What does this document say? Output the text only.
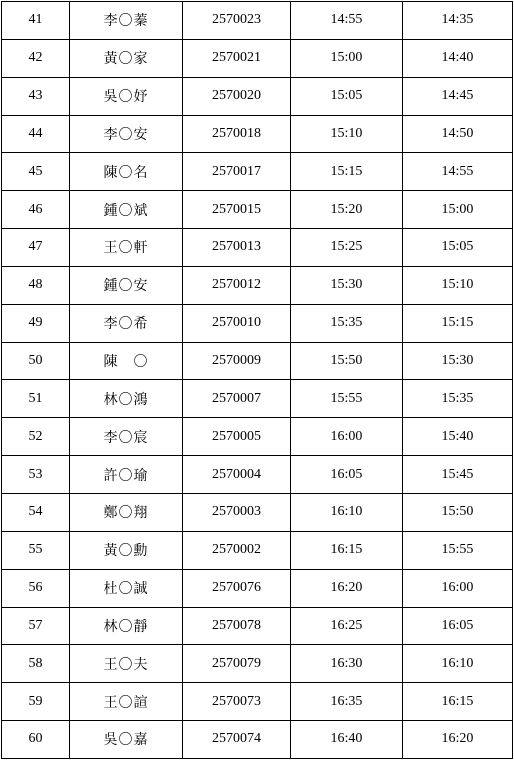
41	李〇蓁	2570023	14:55	14:35
42	黃〇家	2570021	15:00	14:40
43	吳〇妤	2570020	15:05	14:45
44	李〇安	2570018	15:10	14:50
45	陳〇名	2570017	15:15	14:55
46	鍾〇斌	2570015	15:20	15:00
47	王〇軒	2570013	15:25	15:05
48	鍾〇安	2570012	15:30	15:10
49	李〇希	2570010	15:35	15:15
50	陳　〇	2570009	15:50	15:30
51	林〇鴻	2570007	15:55	15:35
52	李〇宸	2570005	16:00	15:40
53	許〇瑜	2570004	16:05	15:45
54	鄭〇翔	2570003	16:10	15:50
55	黃〇勳	2570002	16:15	15:55
56	杜〇誠	2570076	16:20	16:00
57	林〇靜	2570078	16:25	16:05
58	王〇夫	2570079	16:30	16:10
59	王〇諠	2570073	16:35	16:15
60	吳〇嘉	2570074	16:40	16:20
